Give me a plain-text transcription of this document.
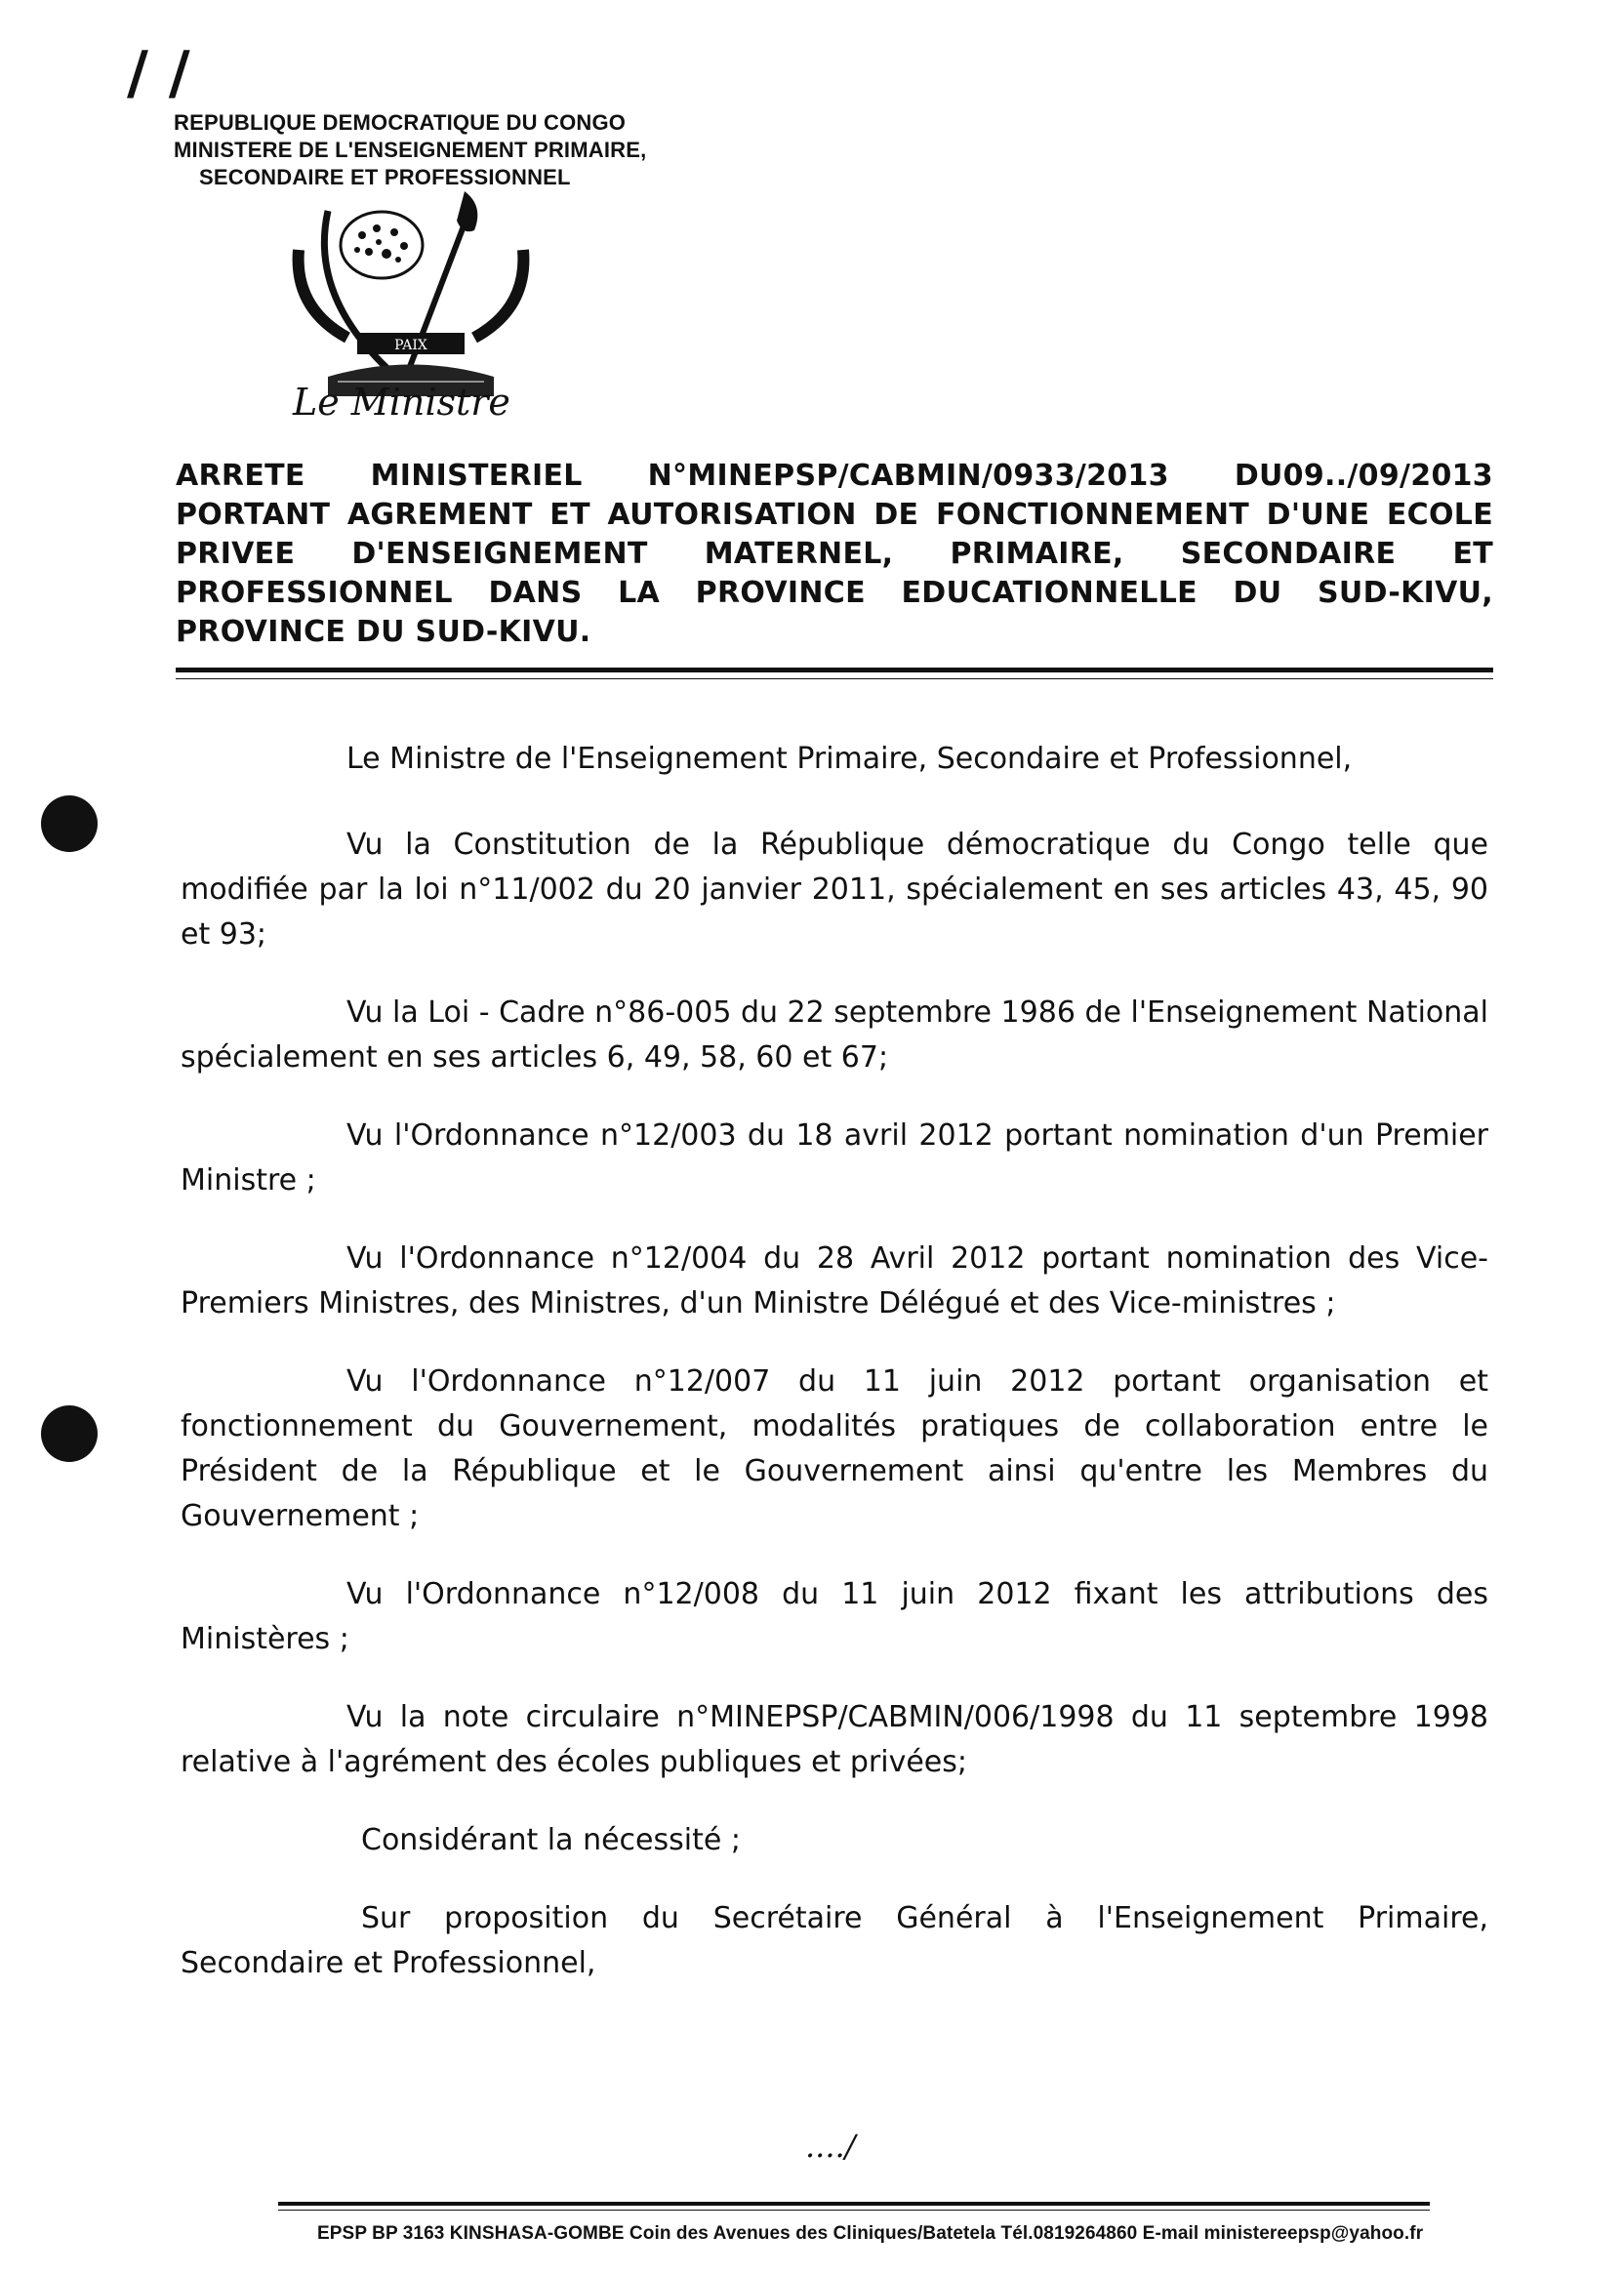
/ /
REPUBLIQUE DEMOCRATIQUE DU CONGO
MINISTERE DE L'ENSEIGNEMENT PRIMAIRE,
SECONDAIRE ET PROFESSIONNEL
PAIX
Le Ministre
ARRETE MINISTERIEL N°MINEPSP/CABMIN/0933/2013 DU09../09/2013
PORTANT AGREMENT ET AUTORISATION DE FONCTIONNEMENT D'UNE ECOLE PRIVEE D'ENSEIGNEMENT MATERNEL, PRIMAIRE, SECONDAIRE ET PROFESSIONNEL DANS LA PROVINCE EDUCATIONNELLE DU SUD-KIVU, PROVINCE DU SUD-KIVU.

Le Ministre de l'Enseignement Primaire, Secondaire et Professionnel,

Vu la Constitution de la République démocratique du Congo telle que modifiée par la loi n°11/002 du 20 janvier 2011, spécialement en ses articles 43, 45, 90 et 93;

Vu la Loi - Cadre n°86-005 du 22 septembre 1986 de l'Enseignement National spécialement en ses articles 6, 49, 58, 60 et 67;

Vu l'Ordonnance n°12/003 du 18 avril 2012 portant nomination d'un Premier Ministre ;

Vu l'Ordonnance n°12/004 du 28 Avril 2012 portant nomination des Vice-Premiers Ministres, des Ministres, d'un Ministre Délégué et des Vice-ministres ;

Vu l'Ordonnance n°12/007 du 11 juin 2012 portant organisation et fonctionnement du Gouvernement, modalités pratiques de collaboration entre le Président de la République et le Gouvernement ainsi qu'entre les Membres du Gouvernement ;

Vu l'Ordonnance n°12/008 du 11 juin 2012 fixant les attributions des Ministères ;

Vu la note circulaire n°MINEPSP/CABMIN/006/1998 du 11 septembre 1998 relative à l'agrément des écoles publiques et privées;

Considérant la nécessité ;

Sur proposition du Secrétaire Général à l'Enseignement Primaire, Secondaire et Professionnel,

..../
EPSP BP 3163 KINSHASA-GOMBE Coin des Avenues des Cliniques/Batetela Tél.0819264860 E-mail ministereepsp@yahoo.fr
